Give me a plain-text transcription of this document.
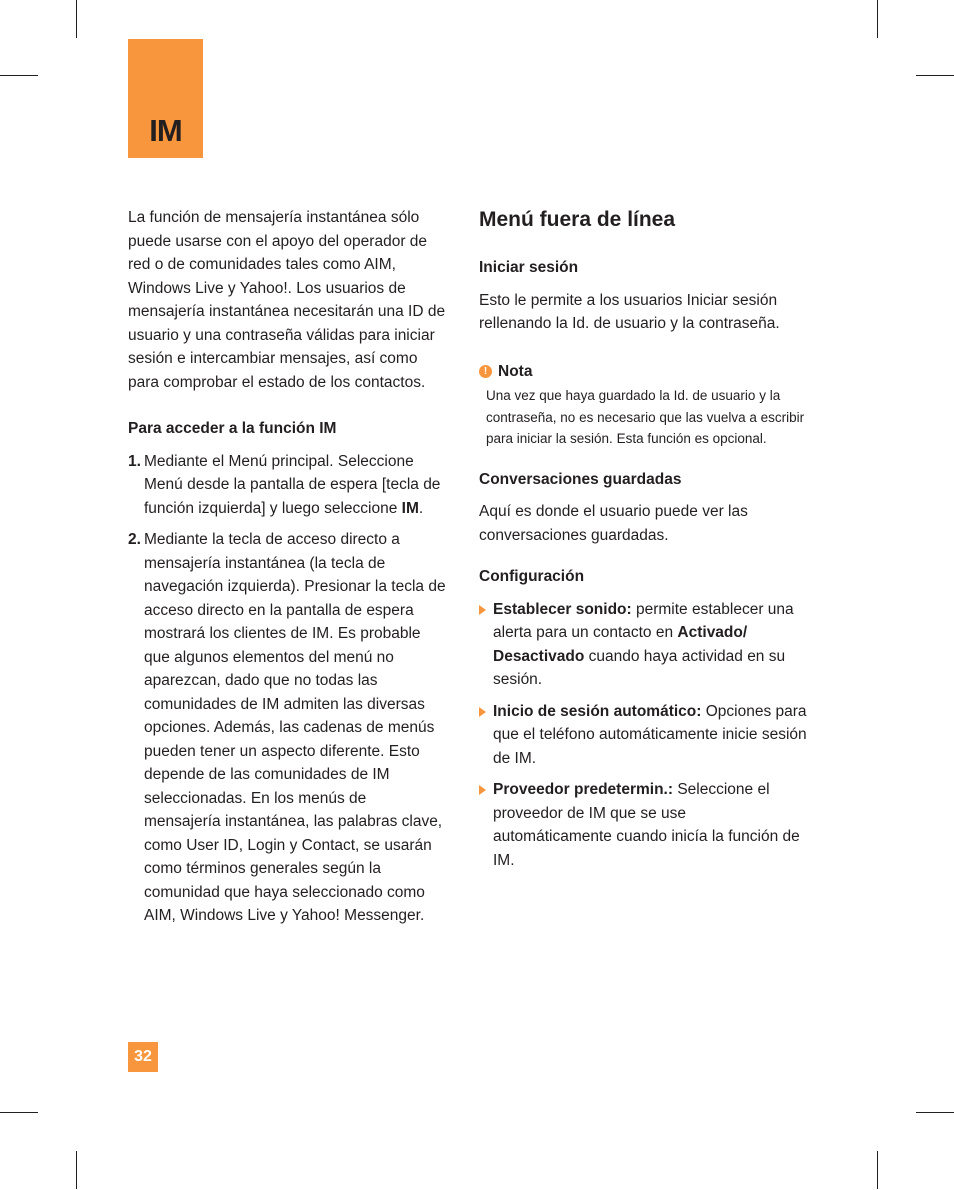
IM

La función de mensajería instantánea sólo puede usarse con el apoyo del operador de red o de comunidades tales como AIM, Windows Live y Yahoo!. Los usuarios de mensajería instantánea necesitarán una ID de usuario y una contraseña válidas para iniciar sesión e intercambiar mensajes, así como para comprobar el estado de los contactos.

Para acceder a la función IM
1. Mediante el Menú principal. Seleccione Menú desde la pantalla de espera [tecla de función izquierda] y luego seleccione IM.
2. Mediante la tecla de acceso directo a mensajería instantánea (la tecla de navegación izquierda). Presionar la tecla de acceso directo en la pantalla de espera mostrará los clientes de IM. Es probable que algunos elementos del menú no aparezcan, dado que no todas las comunidades de IM admiten las diversas opciones. Además, las cadenas de menús pueden tener un aspecto diferente. Esto depende de las comunidades de IM seleccionadas. En los menús de mensajería instantánea, las palabras clave, como User ID, Login y Contact, se usarán como términos generales según la comunidad que haya seleccionado como AIM, Windows Live y Yahoo! Messenger.
Menú fuera de línea
Iniciar sesión

Esto le permite a los usuarios Iniciar sesión rellenando la Id. de usuario y la contraseña.

! Nota

Una vez que haya guardado la Id. de usuario y la contraseña, no es necesario que las vuelva a escribir para iniciar la sesión. Esta función es opcional.

Conversaciones guardadas

Aquí es donde el usuario puede ver las conversaciones guardadas.

Configuración
Establecer sonido: permite establecer una alerta para un contacto en Activado/ Desactivado cuando haya actividad en su sesión.
Inicio de sesión automático: Opciones para que el teléfono automáticamente inicie sesión de IM.
Proveedor predetermin.: Seleccione el proveedor de IM que se use automáticamente cuando inicía la función de IM.
32
